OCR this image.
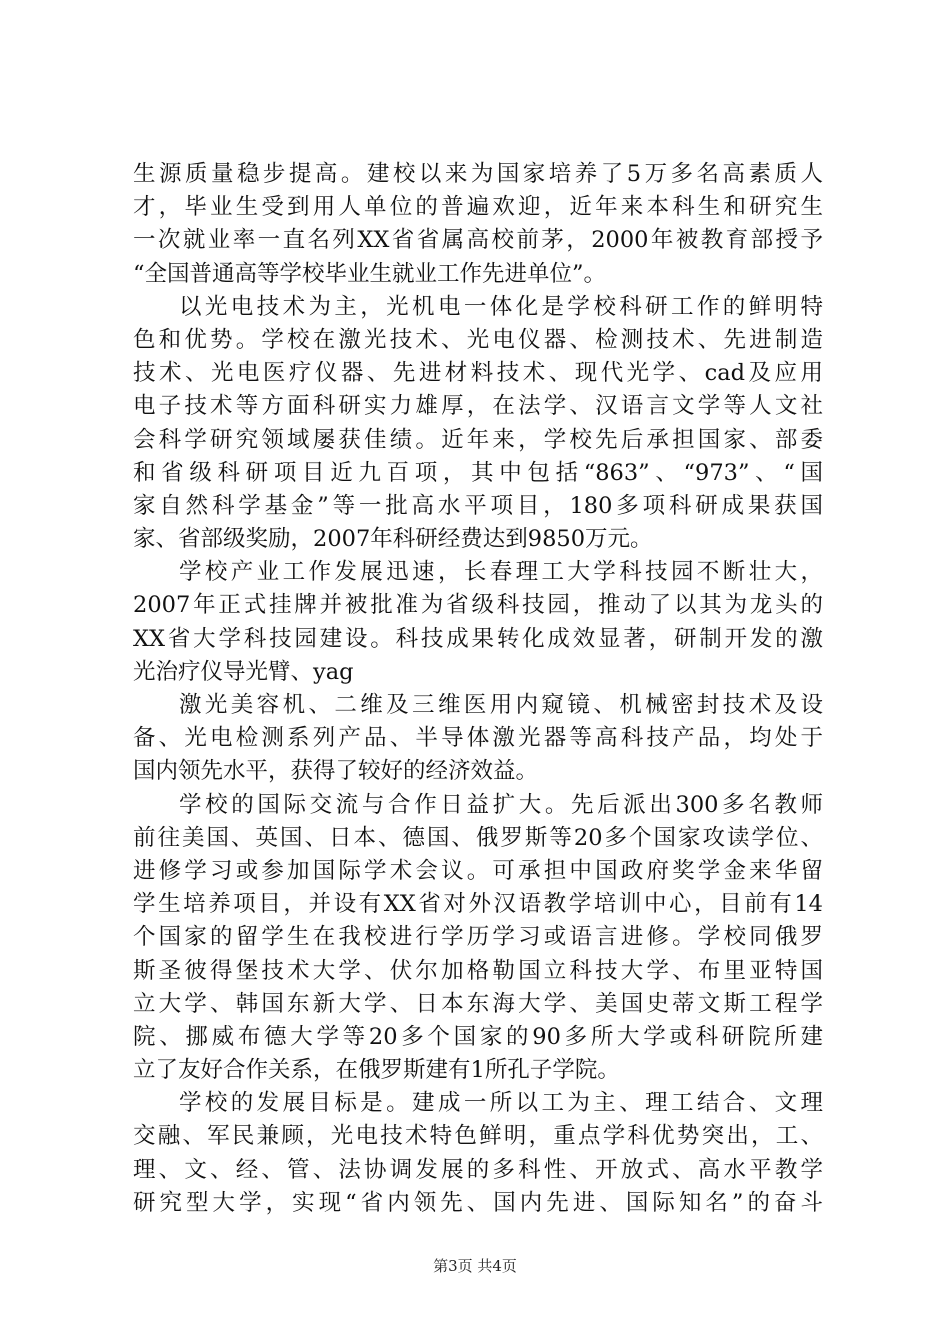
生源质量稳步提高。建校以来为国家培养了5万多名高素质人
才，毕业生受到用人单位的普遍欢迎，近年来本科生和研究生
一次就业率一直名列XX省省属高校前茅，2000年被教育部授予
“全国普通高等学校毕业生就业工作先进单位”。
以光电技术为主，光机电一体化是学校科研工作的鲜明特
色和优势。学校在激光技术、光电仪器、检测技术、先进制造
技术、光电医疗仪器、先进材料技术、现代光学、cad及应用
电子技术等方面科研实力雄厚，在法学、汉语言文学等人文社
会科学研究领域屡获佳绩。近年来，学校先后承担国家、部委
和省级科研项目近九百项，其中包括“863”、“973”、“国
家自然科学基金”等一批高水平项目，180多项科研成果获国
家、省部级奖励，2007年科研经费达到9850万元。
学校产业工作发展迅速，长春理工大学科技园不断壮大，
2007年正式挂牌并被批准为省级科技园，推动了以其为龙头的
XX省大学科技园建设。科技成果转化成效显著，研制开发的激
光治疗仪导光臂、yag
激光美容机、二维及三维医用内窥镜、机械密封技术及设
备、光电检测系列产品、半导体激光器等高科技产品，均处于
国内领先水平，获得了较好的经济效益。
学校的国际交流与合作日益扩大。先后派出300多名教师
前往美国、英国、日本、德国、俄罗斯等20多个国家攻读学位、
进修学习或参加国际学术会议。可承担中国政府奖学金来华留
学生培养项目，并设有XX省对外汉语教学培训中心，目前有14
个国家的留学生在我校进行学历学习或语言进修。学校同俄罗
斯圣彼得堡技术大学、伏尔加格勒国立科技大学、布里亚特国
立大学、韩国东新大学、日本东海大学、美国史蒂文斯工程学
院、挪威布德大学等20多个国家的90多所大学或科研院所建
立了友好合作关系，在俄罗斯建有1所孔子学院。
学校的发展目标是。建成一所以工为主、理工结合、文理
交融、军民兼顾，光电技术特色鲜明，重点学科优势突出，工、
理、文、经、管、法协调发展的多科性、开放式、高水平教学
研究型大学，实现“省内领先、国内先进、国际知名”的奋斗
第3页 共4页
